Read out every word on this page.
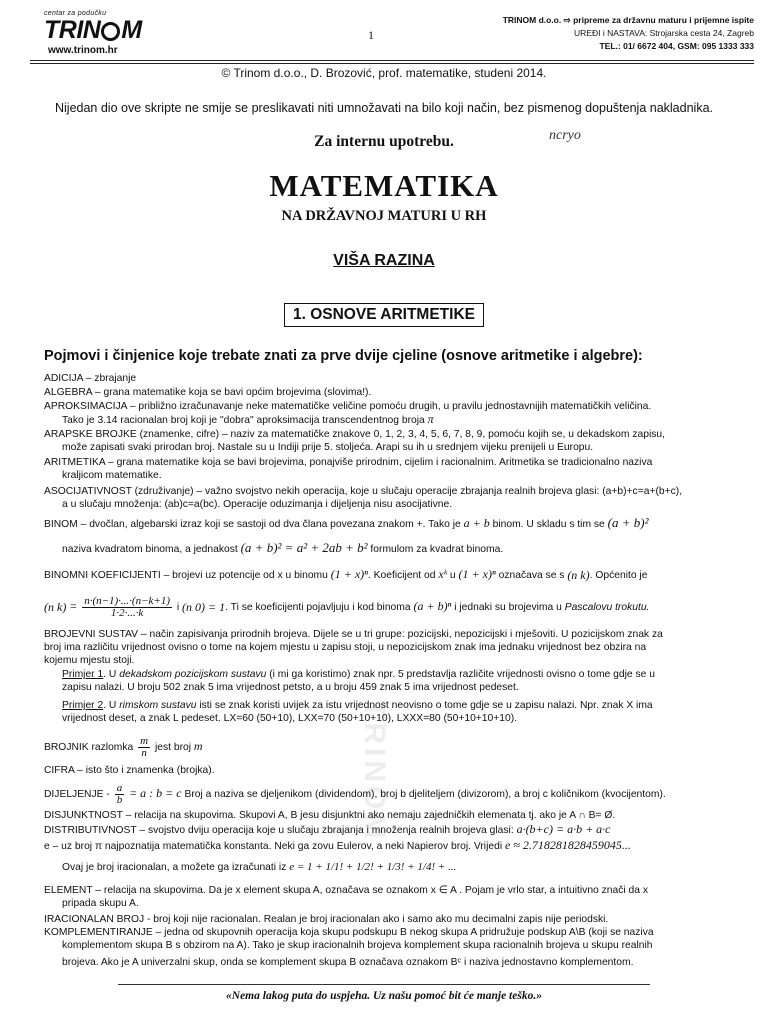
centar za podučku
TRIN M
www.trinom.hr
1
TRINOM d.o.o. ⇨ pripreme za državnu maturu i prijemne ispite
UREĐI i NASTAVA: Strojarska cesta 24, Zagreb
TEL.: 01/ 6672 404, GSM: 095 1333 333
© Trinom d.o.o., D. Brozović, prof. matematike, studeni 2014.
Nijedan dio ove skripte ne smije se preslikavati niti umnožavati na bilo koji način, bez pismenog dopuštenja nakladnika.
Za internu upotrebu.	ncryo
MATEMATIKA
NA DRŽAVNOJ MATURI U RH
VIŠA RAZINA
1. OSNOVE ARITMETIKE
Pojmovi i činjenice koje trebate znati za prve dvije cjeline (osnove aritmetike i algebre):
TRINOM
ADICIJA – zbrajanje
ALGEBRA – grana matematike koja se bavi općim brojevima (slovima!).
APROKSIMACIJA – približno izračunavanje neke matematičke veličine pomoću drugih, u pravilu jednostavnijih matematičkih veličina.
Tako je 3.14 racionalan broj koji je "dobra" aproksimacija transcendentnog broja π
ARAPSKE BROJKE (znamenke, cifre) – naziv za matematičke znakove 0, 1, 2, 3, 4, 5, 6, 7, 8, 9, pomoću kojih se, u dekadskom zapisu,
može zapisati svaki prirodan broj. Nastale su u Indiji prije 5. stoljeća. Arapi su ih u srednjem vijeku prenijeli u Europu.
ARITMETIKA – grana matematike koja se bavi brojevima, ponajviše prirodnim, cijelim i racionalnim. Aritmetika se tradicionalno naziva
kraljicom matematike.
ASOCIJATIVNOST (združivanje) – važno svojstvo nekih operacija, koje u slučaju operacije zbrajanja realnih brojeva glasi: (a+b)+c=a+(b+c),
a u slučaju množenja: (ab)c=a(bc). Operacije oduzimanja i dijeljenja nisu asocijativne.
BINOM – dvočlan, algebarski izraz koji se sastoji od dva člana povezana znakom +. Tako je a + b binom. U skladu s tim se (a + b)²
naziva kvadratom binoma, a jednakost (a + b)² = a² + 2ab + b² formulom za kvadrat binoma.
BINOMNI KOEFICIJENTI – brojevi uz potencije od x u binomu (1 + x)ⁿ. Koeficijent od xᵏ u (1 + x)ⁿ označava se s (n k). Općenito je
(n $k) = \frac{n\cdot(n-1)\cdot...\cdot(n-k+1)}{1\cdot 2\cdot...\cdot k}$ i (n 0) = 1. Ti se koeficijenti pojavljuju i kod binoma (a + b)ⁿ i jednaki su brojevima u Pascalovu trokutu.
BROJEVNI SUSTAV – način zapisivanja prirodnih brojeva. Dijele se u tri grupe: pozicijski, nepozicijski i mješoviti. U pozicijskom znak za
broj ima različitu vrijednost ovisno o tome na kojem mjestu u zapisu stoji, u nepozicijskom znak ima jednaku vrijednost bez obzira na
kojemu mjestu stoji.
Primjer 1. U dekadskom pozicijskom sustavu (i mi ga koristimo) znak npr. 5 predstavlja različite vrijednosti ovisno o tome gdje se u
zapisu nalazi. U broju 502 znak 5 ima vrijednost petsto, a u broju 459 znak 5 ima vrijednost pedeset.
Primjer 2. U rimskom sustavu isti se znak koristi uvijek za istu vrijednost neovisno o tome gdje se u zapisu nalazi. Npr. znak X ima
vrijednost deset, a znak L pedeset. LX=60 (50+10), LXX=70 (50+10+10), LXXX=80 (50+10+10+10).
BROJNIK razlomka $\frac{m}{n}$ jest broj m
CIFRA – isto što i znamenka (brojka).
DIJELJENJE - $\frac{a}{b} = a$ : b = c Broj a naziva se djeljenikom (dividendom), broj b djeliteljem (divizorom), a broj c količnikom (kvocijentom).
DISJUNKTNOST – relacija na skupovima. Skupovi A, B jesu disjunktni ako nemaju zajedničkih elemenata tj. ako je A ∩ B= Ø.
DISTRIBUTIVNOST – svojstvo dviju operacija koje u slučaju zbrajanja i množenja realnih brojeva glasi: a·(b+c) = a·b + a·c
e – uz broj π najpoznatija matematička konstanta. Neki ga zovu Eulerov, a neki Napierov broj. Vrijedi e ≈ 2.718281828459045...
Ovaj je broj iracionalan, a možete ga izračunati iz e = 1 + 1/1! + 1/2! + 1/3! + 1/4! + ...
ELEMENT – relacija na skupovima. Da je x element skupa A, označava se oznakom x ∈ A . Pojam je vrlo star, a intuitivno znači da x
pripada skupu A.
IRACIONALAN BROJ - broj koji nije racionalan. Realan je broj iracionalan ako i samo ako mu decimalni zapis nije periodski.
KOMPLEMENTIRANJE – jedna od skupovnih operacija koja skupu podskupu B nekog skupa A pridružuje podskup A\B (koji se naziva
komplementom skupa B s obzirom na A). Tako je skup iracionalnih brojeva komplement skupa racionalnih brojeva u skupu realnih
brojeva. Ako je A univerzalni skup, onda se komplement skupa B označava oznakom Bᶜ i naziva jednostavno komplementom.
«Nema lakog puta do uspjeha. Uz našu pomoć bit će manje teško.»
